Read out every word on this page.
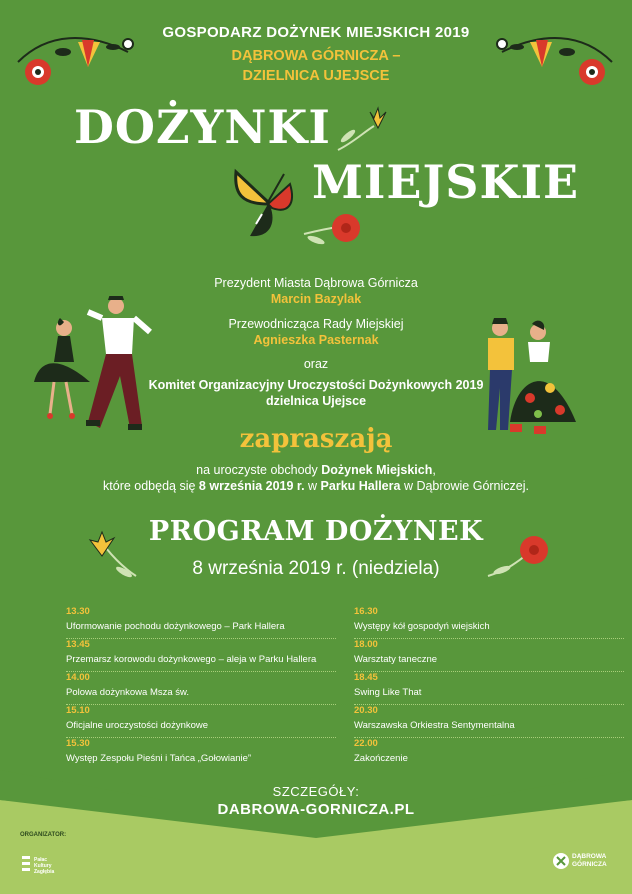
GOSPODARZ DOŻYNEK MIEJSKICH 2019
DĄBROWA GÓRNICZA –
DZIELNICA UJEJSCE
DOŻYNKI
MIEJSKIE
Prezydent Miasta Dąbrowa Górnicza
Marcin Bazylak
Przewodnicząca Rady Miejskiej
Agnieszka Pasternak
oraz
Komitet Organizacyjny Uroczystości Dożynkowych 2019
dzielnica Ujejsce
zapraszają
na uroczyste obchody Dożynek Miejskich,
które odbędą się 8 września 2019 r. w Parku Hallera w Dąbrowie Górniczej.
PROGRAM DOŻYNEK
8 września 2019 r. (niedziela)
13.30
Uformowanie pochodu dożynkowego – Park Hallera
13.45
Przemarsz korowodu dożynkowego – aleja w Parku Hallera
14.00
Polowa dożynkowa Msza św.
15.10
Oficjalne uroczystości dożynkowe
15.30
Występ Zespołu Pieśni i Tańca „Gołowianie”
16.30
Występy kół gospodyń wiejskich
18.00
Warsztaty taneczne
18.45
Swing Like That
20.30
Warszawska Orkiestra Sentymentalna
22.00
Zakończenie
SZCZEGÓŁY:
DABROWA-GORNICZA.PL
ORGANIZATOR:
Pałac
Kultury
Zagłębia
DĄBROWA
GÓRNICZA
